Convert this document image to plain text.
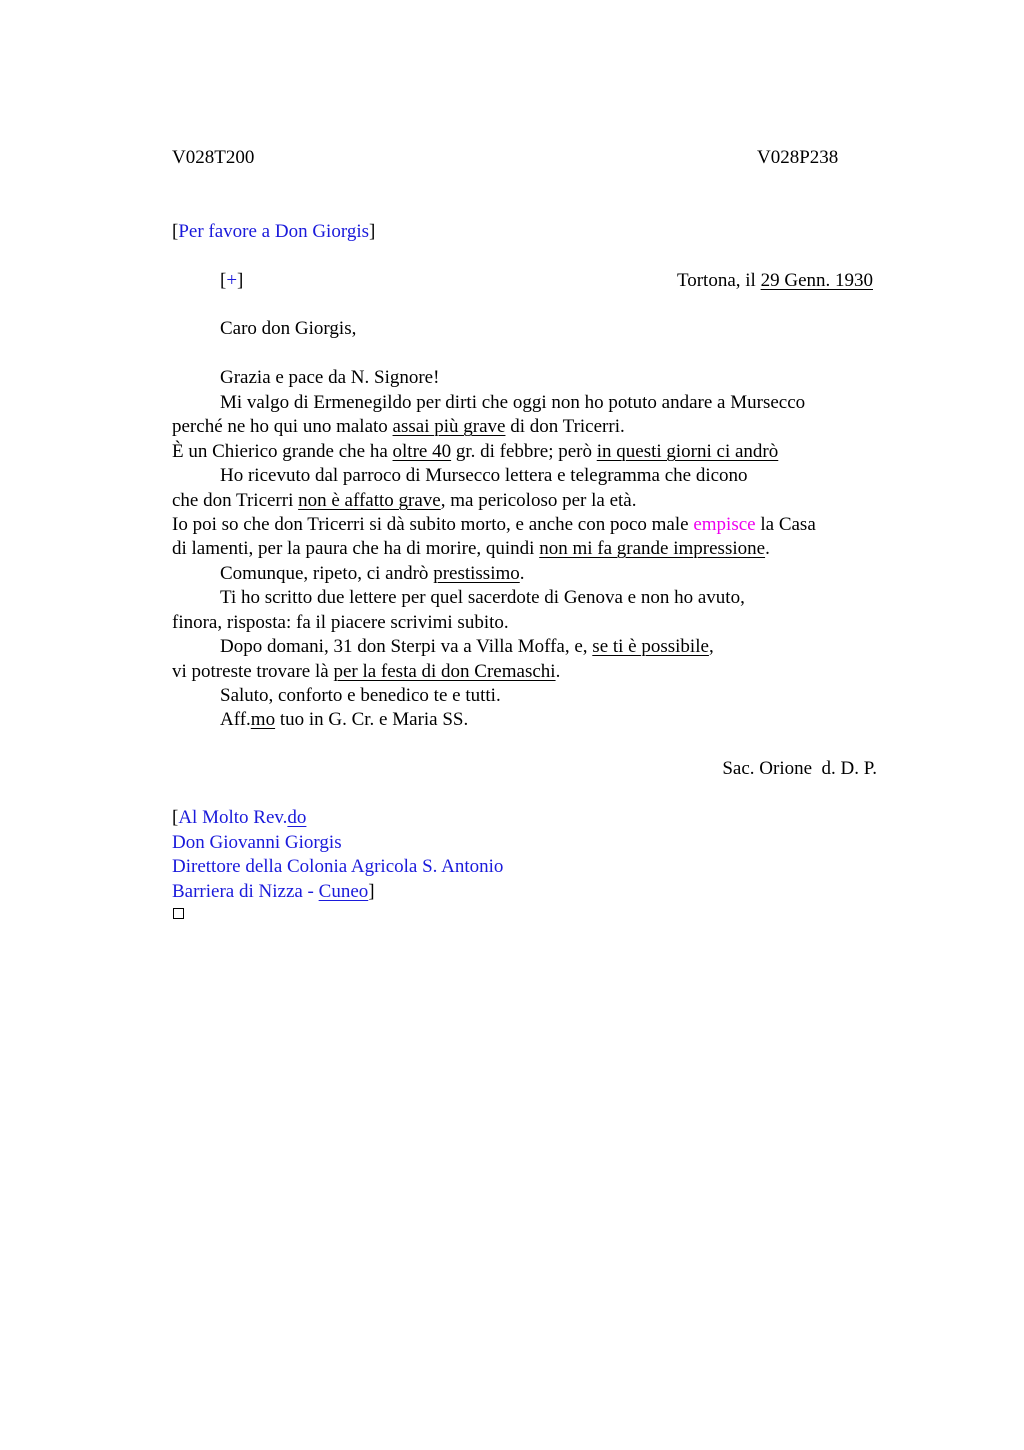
V028T200	V028P238
[Per favore a Don Giorgis]
[+]	Tortona, il 29 Genn. 1930
Caro don Giorgis,
Grazia e pace da N. Signore!
Mi valgo di Ermenegildo per dirti che oggi non ho potuto andare a Mursecco
perché ne ho qui uno malato assai più grave di don Tricerri.
È un Chierico grande che ha oltre 40 gr. di febbre; però in questi giorni ci andrò
Ho ricevuto dal parroco di Mursecco lettera e telegramma che dicono
che don Tricerri non è affatto grave, ma pericoloso per la età.
Io poi so che don Tricerri si dà subito morto, e anche con poco male empisce la Casa
di lamenti, per la paura che ha di morire, quindi non mi fa grande impressione.
Comunque, ripeto, ci andrò prestissimo.
Ti ho scritto due lettere per quel sacerdote di Genova e non ho avuto,
finora, risposta: fa il piacere scrivimi subito.
Dopo domani, 31 don Sterpi va a Villa Moffa, e, se ti è possibile,
vi potreste trovare là per la festa di don Cremaschi.
Saluto, conforto e benedico te e tutti.
Aff.mo tuo in G. Cr. e Maria SS.
Sac. Orione  d. D. P.
[Al Molto Rev.do
Don Giovanni Giorgis
Direttore della Colonia Agricola S. Antonio
Barriera di Nizza - Cuneo]
